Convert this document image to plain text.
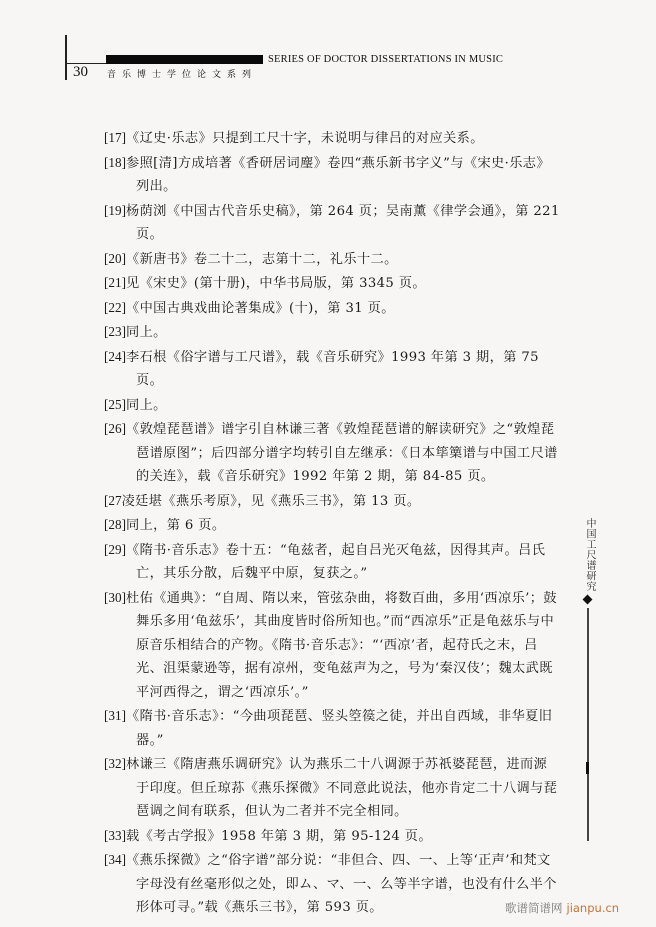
SERIES OF DOCTOR DISSERTATIONS IN MUSIC
30 音乐博士学位论文系列

[17]《辽史·乐志》只提到工尺十字，未说明与律吕的对应关系。

[18]参照[清]方成培著《香研居词麈》卷四“燕乐新书字义”与《宋史·乐志》列出。

[19]杨荫浏《中国古代音乐史稿》，第 264 页；吴南薰《律学会通》，第 221 页。

[20]《新唐书》卷二十二，志第十二，礼乐十二。

[21]见《宋史》(第十册)，中华书局版，第 3345 页。

[22]《中国古典戏曲论著集成》(十)，第 31 页。

[23]同上。

[24]李石根《俗字谱与工尺谱》，载《音乐研究》1993 年第 3 期，第 75页。

[25]同上。

[26]《敦煌琵琶谱》谱字引自林谦三著《敦煌琵琶谱的解读研究》之“敦煌琵琶谱原图”；后四部分谱字均转引自左继承：《日本筚篥谱与中国工尺谱的关连》，载《音乐研究》1992 年第 2 期，第 84-85 页。

[27凌廷堪《燕乐考原》，见《燕乐三书》，第 13 页。

[28]同上，第 6 页。

[29]《隋书·音乐志》卷十五：“龟兹者，起自吕光灭龟兹，因得其声。吕氏亡，其乐分散，后魏平中原，复获之。”

[30]杜佑《通典》：“自周、隋以来，管弦杂曲，将数百曲，多用‘西凉乐’；鼓舞乐多用‘龟兹乐’，其曲度皆时俗所知也。”而“西凉乐”正是龟兹乐与中原音乐相结合的产物。《隋书·音乐志》：“‘西凉’者，起苻氏之末，吕光、沮渠蒙逊等，据有凉州，变龟兹声为之，号为‘秦汉伎’；魏太武既平河西得之，谓之‘西凉乐’。”

[31]《隋书·音乐志》：“今曲项琵琶、竖头箜篌之徒，并出自西域，非华夏旧器。”

[32]林谦三《隋唐燕乐调研究》认为燕乐二十八调源于苏祇婆琵琶，进而源于印度。但丘琼荪《燕乐探微》不同意此说法，他亦肯定二十八调与琵琶调之间有联系，但认为二者并不完全相同。

[33]载《考古学报》1958 年第 3 期，第 95-124 页。

[34]《燕乐探微》之“俗字谱”部分说：“非但合、四、一、上等‘正声’和梵文字母没有丝毫形似之处，即ム、マ、一、么等半字谱，也没有什么半个形体可寻。”载《燕乐三书》，第 593 页。

中国工尺谱研究
歌谱简谱网 jianpu.cn
